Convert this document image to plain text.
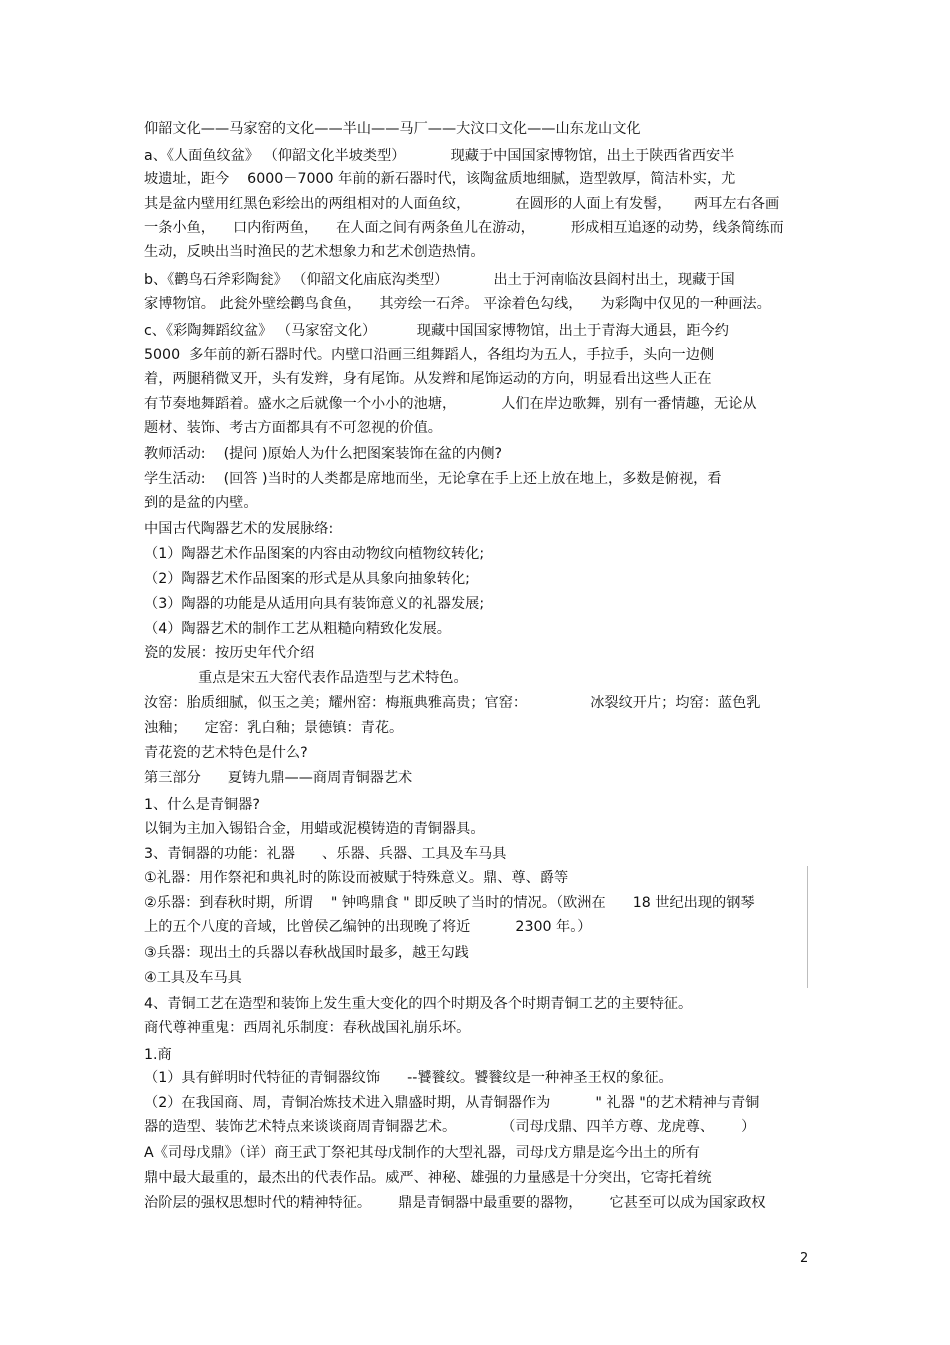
仰韶文化——马家窑的文化——半山——马厂——大汶口文化——山东龙山文化
a、《人面鱼纹盆》 （仰韶文化半坡类型）          现藏于中国国家博物馆，出土于陕西省西安半
坡遗址，距今    6000－7000 年前的新石器时代，该陶盆质地细腻，造型敦厚，简洁朴实，尤
其是盆内壁用红黑色彩绘出的两组相对的人面鱼纹，          在圆形的人面上有发髻，     两耳左右各画
一条小鱼，    口内衔两鱼，    在人面之间有两条鱼儿在游动，        形成相互追逐的动势，线条简练而
生动，反映出当时渔民的艺术想象力和艺术创造热情。
b、《鹳鸟石斧彩陶瓮》 （仰韶文化庙底沟类型）          出土于河南临汝县阎村出土，现藏于国
家博物馆。 此瓮外壁绘鹳鸟食鱼，    其旁绘一石斧。 平涂着色勾线，    为彩陶中仅见的一种画法。
c、《彩陶舞蹈纹盆》 （马家窑文化）         现藏中国国家博物馆，出土于青海大通县，距今约
5000  多年前的新石器时代。内壁口沿画三组舞蹈人，各组均为五人，手拉手，头向一边侧
着，两腿稍微叉开，头有发辫，身有尾饰。从发辫和尾饰运动的方向，明显看出这些人正在
有节奏地舞蹈着。盛水之后就像一个小小的池塘，          人们在岸边歌舞，别有一番情趣，无论从
题材、装饰、考古方面都具有不可忽视的价值。
教师活动:    (提问 )原始人为什么把图案装饰在盆的内侧?
学生活动:    (回答 )当时的人类都是席地而坐，无论拿在手上还上放在地上，多数是俯视，看
到的是盆的内壁。
中国古代陶器艺术的发展脉络:
（1）陶器艺术作品图案的内容由动物纹向植物纹转化;
（2）陶器艺术作品图案的形式是从具象向抽象转化;
（3）陶器的功能是从适用向具有装饰意义的礼器发展;
（4）陶器艺术的制作工艺从粗糙向精致化发展。
瓷的发展：按历史年代介绍
重点是宋五大窑代表作品造型与艺术特色。
汝窑：胎质细腻，似玉之美；耀州窑：梅瓶典雅高贵；官窑：              冰裂纹开片；均窑：蓝色乳
浊釉；    定窑：乳白釉；景德镇：青花。
青花瓷的艺术特色是什么?
第三部分      夏铸九鼎——商周青铜器艺术
1、什么是青铜器?
以铜为主加入锡铅合金，用蜡或泥模铸造的青铜器具。
3、青铜器的功能：礼器      、乐器、兵器、工具及车马具
①礼器：用作祭祀和典礼时的陈设而被赋于特殊意义。鼎、尊、爵等
②乐器：到春秋时期，所谓    " 钟鸣鼎食 " 即反映了当时的情况。（欧洲在      18 世纪出现的钢琴
上的五个八度的音域，比曾侯乙编钟的出现晚了将近          2300 年。）
③兵器：现出土的兵器以春秋战国时最多，越王勾践
④工具及车马具
4、青铜工艺在造型和装饰上发生重大变化的四个时期及各个时期青铜工艺的主要特征。
商代尊神重鬼：西周礼乐制度：春秋战国礼崩乐坏。
1.商
（1）具有鲜明时代特征的青铜器纹饰      --饕餮纹。饕餮纹是一种神圣王权的象征。
（2）在我国商、周，青铜冶炼技术进入鼎盛时期，从青铜器作为          " 礼器 "的艺术精神与青铜
器的造型、装饰艺术特点来谈谈商周青铜器艺术。          （司母戊鼎、四羊方尊、龙虎尊、      ）
A《司母戊鼎》（详）商王武丁祭祀其母戊制作的大型礼器，司母戊方鼎是迄今出土的所有
鼎中最大最重的，最杰出的代表作品。威严、神秘、雄强的力量感是十分突出，它寄托着统
治阶层的强权思想时代的精神特征。      鼎是青铜器中最重要的器物，      它甚至可以成为国家政权
2
